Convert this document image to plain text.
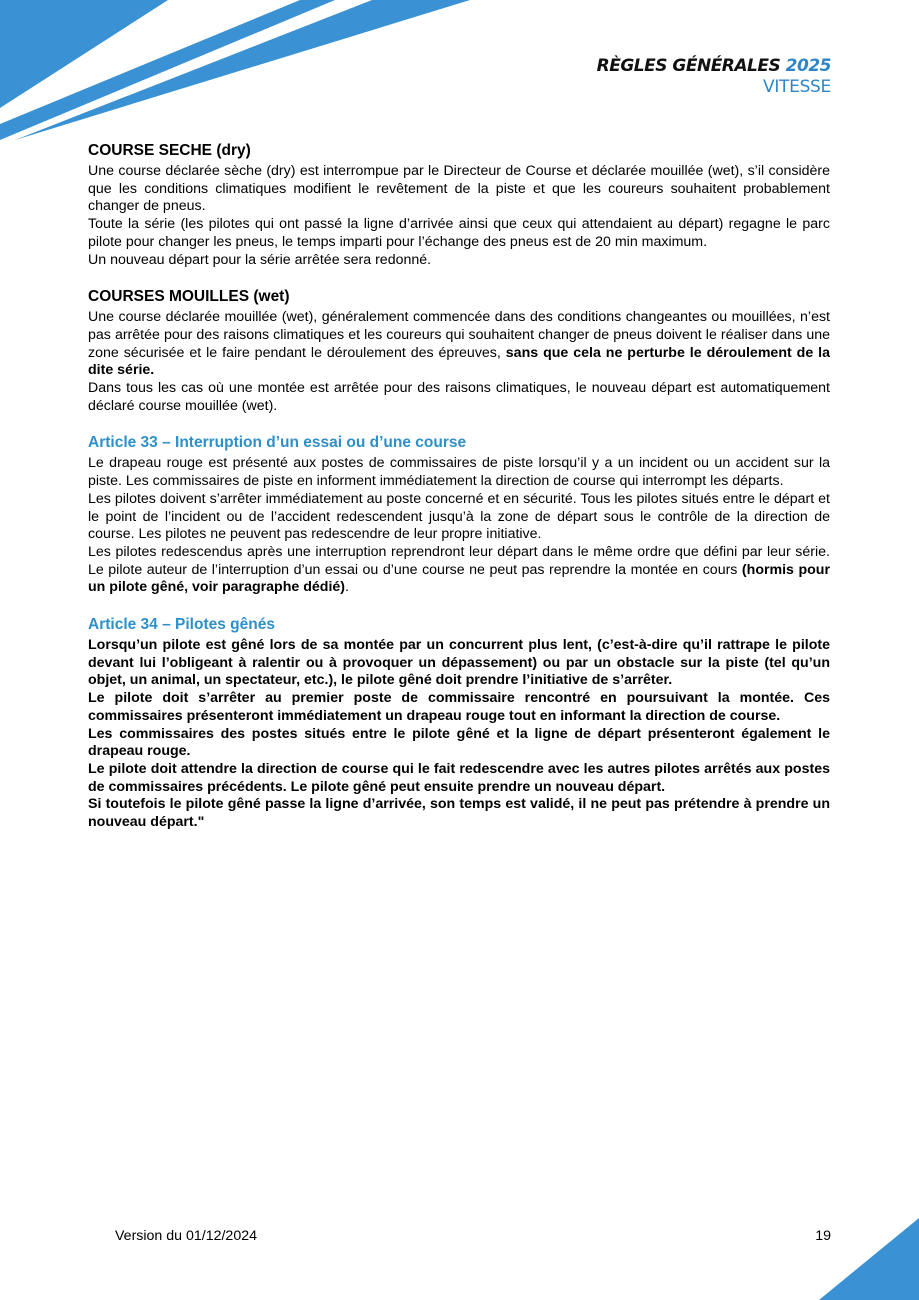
RÈGLES GÉNÉRALES 2025
VITESSE
COURSE SECHE (dry)

Une course déclarée sèche (dry) est interrompue par le Directeur de Course et déclarée mouillée (wet), s’il considère que les conditions climatiques modifient le revêtement de la piste et que les coureurs souhaitent probablement changer de pneus.

Toute la série (les pilotes qui ont passé la ligne d’arrivée ainsi que ceux qui attendaient au départ) regagne le parc pilote pour changer les pneus, le temps imparti pour l’échange des pneus est de 20 min maximum.

Un nouveau départ pour la série arrêtée sera redonné.

COURSES MOUILLES (wet)

Une course déclarée mouillée (wet), généralement commencée dans des conditions changeantes ou mouillées, n’est pas arrêtée pour des raisons climatiques et les coureurs qui souhaitent changer de pneus doivent le réaliser dans une zone sécurisée et le faire pendant le déroulement des épreuves, sans que cela ne perturbe le déroulement de la dite série.

Dans tous les cas où une montée est arrêtée pour des raisons climatiques, le nouveau départ est automatiquement déclaré course mouillée (wet).

Article 33 – Interruption d’un essai ou d’une course

Le drapeau rouge est présenté aux postes de commissaires de piste lorsqu’il y a un incident ou un accident sur la piste. Les commissaires de piste en informent immédiatement la direction de course qui interrompt les départs.

Les pilotes doivent s’arrêter immédiatement au poste concerné et en sécurité. Tous les pilotes situés entre le départ et le point de l’incident ou de l’accident redescendent jusqu’à la zone de départ sous le contrôle de la direction de course. Les pilotes ne peuvent pas redescendre de leur propre initiative.

Les pilotes redescendus après une interruption reprendront leur départ dans le même ordre que défini par leur série. Le pilote auteur de l’interruption d’un essai ou d’une course ne peut pas reprendre la montée en cours (hormis pour un pilote gêné, voir paragraphe dédié).

Article 34 – Pilotes gênés

Lorsqu’un pilote est gêné lors de sa montée par un concurrent plus lent, (c’est-à-dire qu’il rattrape le pilote devant lui l’obligeant à ralentir ou à provoquer un dépassement) ou par un obstacle sur la piste (tel qu’un objet, un animal, un spectateur, etc.), le pilote gêné doit prendre l’initiative de s’arrêter.

Le pilote doit s’arrêter au premier poste de commissaire rencontré en poursuivant la montée. Ces commissaires présenteront immédiatement un drapeau rouge tout en informant la direction de course.

Les commissaires des postes situés entre le pilote gêné et la ligne de départ présenteront également le drapeau rouge.

Le pilote doit attendre la direction de course qui le fait redescendre avec les autres pilotes arrêtés aux postes de commissaires précédents. Le pilote gêné peut ensuite prendre un nouveau départ.

Si toutefois le pilote gêné passe la ligne d’arrivée, son temps est validé, il ne peut pas prétendre à prendre un nouveau départ."

Version du 01/12/2024	19
